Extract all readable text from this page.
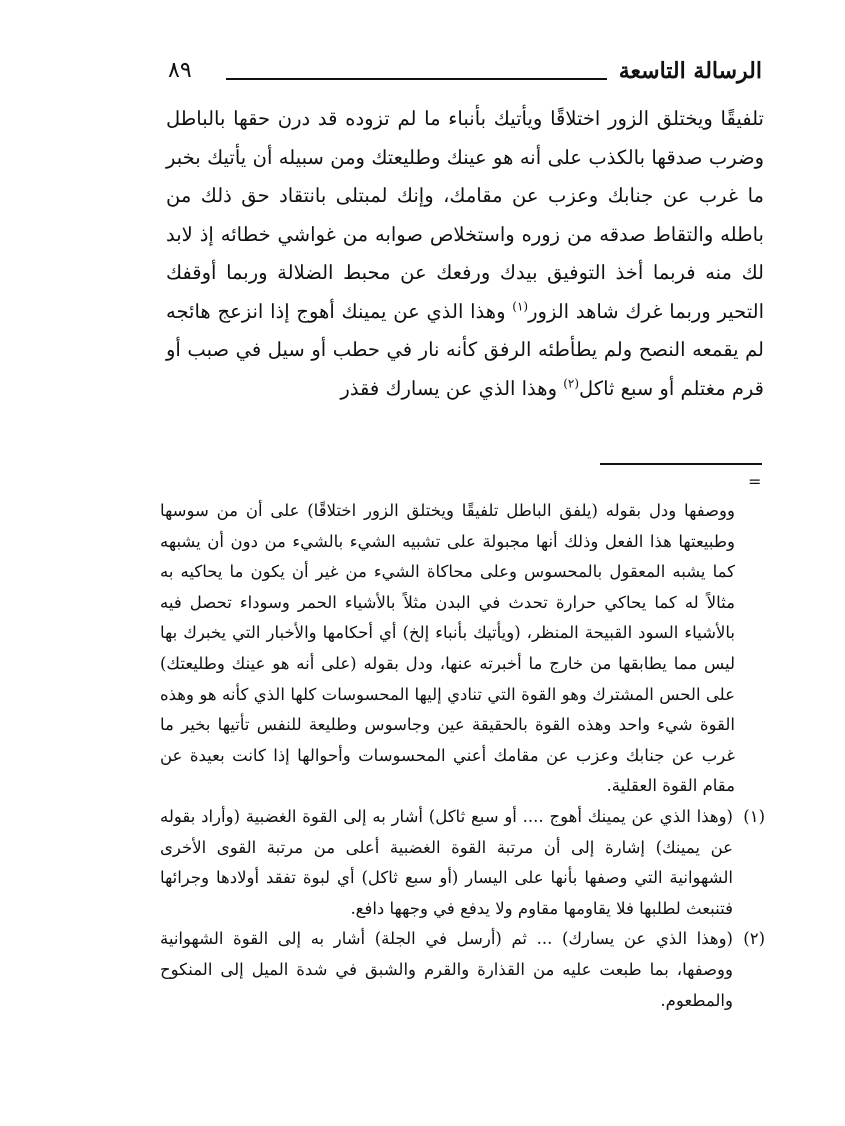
الرسالة التاسعة
٨٩

تلفيقًا ويختلق الزور اختلاقًا ويأتيك بأنباء ما لم تزوده قد درن حقها بالباطل وضرب صدقها بالكذب على أنه هو عينك وطليعتك ومن سبيله أن يأتيك بخبر ما غرب عن جنابك وعزب عن مقامك، وإنك لمبتلى بانتقاد حق ذلك من باطله والتقاط صدقه من زوره واستخلاص صوابه من غواشي خطائه إذ لابد لك منه فربما أخذ التوفيق بيدك ورفعك عن محبط الضلالة وربما أوقفك التحير وربما غرك شاهد الزور$^{(١)}$ وهذا الذي عن يمينك أهوج إذا انزعج هائجه لم يقمعه النصح ولم يطأطئه الرفق كأنه نار في حطب أو سيل في صبب أو قرم مغتلم أو سبع ثاكل$^{(٢)}$ وهذا الذي عن يسارك فقذر

=

ووصفها ودل بقوله (يلفق الباطل تلفيقًا ويختلق الزور اختلاقًا) على أن من سوسها وطبيعتها هذا الفعل وذلك أنها مجبولة على تشبيه الشيء بالشيء من دون أن يشبهه كما يشبه المعقول بالمحسوس وعلى محاكاة الشيء من غير أن يكون ما يحاكيه به مثالاً له كما يحاكي حرارة تحدث في البدن مثلاً بالأشياء الحمر وسوداء تحصل فيه بالأشياء السود القبيحة المنظر، (ويأتيك بأنباء إلخ) أي أحكامها والأخبار التي يخبرك بها ليس مما يطابقها من خارج ما أخبرته عنها، ودل بقوله (على أنه هو عينك وطليعتك) على الحس المشترك وهو القوة التي تنادي إليها المحسوسات كلها الذي كأنه هو وهذه القوة شيء واحد وهذه القوة بالحقيقة عين وجاسوس وطليعة للنفس تأتيها بخير ما غرب عن جنابك وعزب عن مقامك أعني المحسوسات وأحوالها إذا كانت بعيدة عن مقام القوة العقلية.

(١)
(وهذا الذي عن يمينك أهوج .... أو سبع ثاكل) أشار به إلى القوة الغضبية (وأراد بقوله عن يمينك) إشارة إلى أن مرتبة القوة الغضبية أعلى من مرتبة القوى الأخرى الشهوانية التي وصفها بأنها على اليسار (أو سبع ثاكل) أي لبوة تفقد أولادها وجرائها فتنبعث لطلبها فلا يقاومها مقاوم ولا يدفع في وجهها دافع.
(٢)
(وهذا الذي عن يسارك) ... ثم (أرسل في الجلة) أشار به إلى القوة الشهوانية ووصفها، بما طبعت عليه من القذارة والقرم والشبق في شدة الميل إلى المنكوح والمطعوم.
